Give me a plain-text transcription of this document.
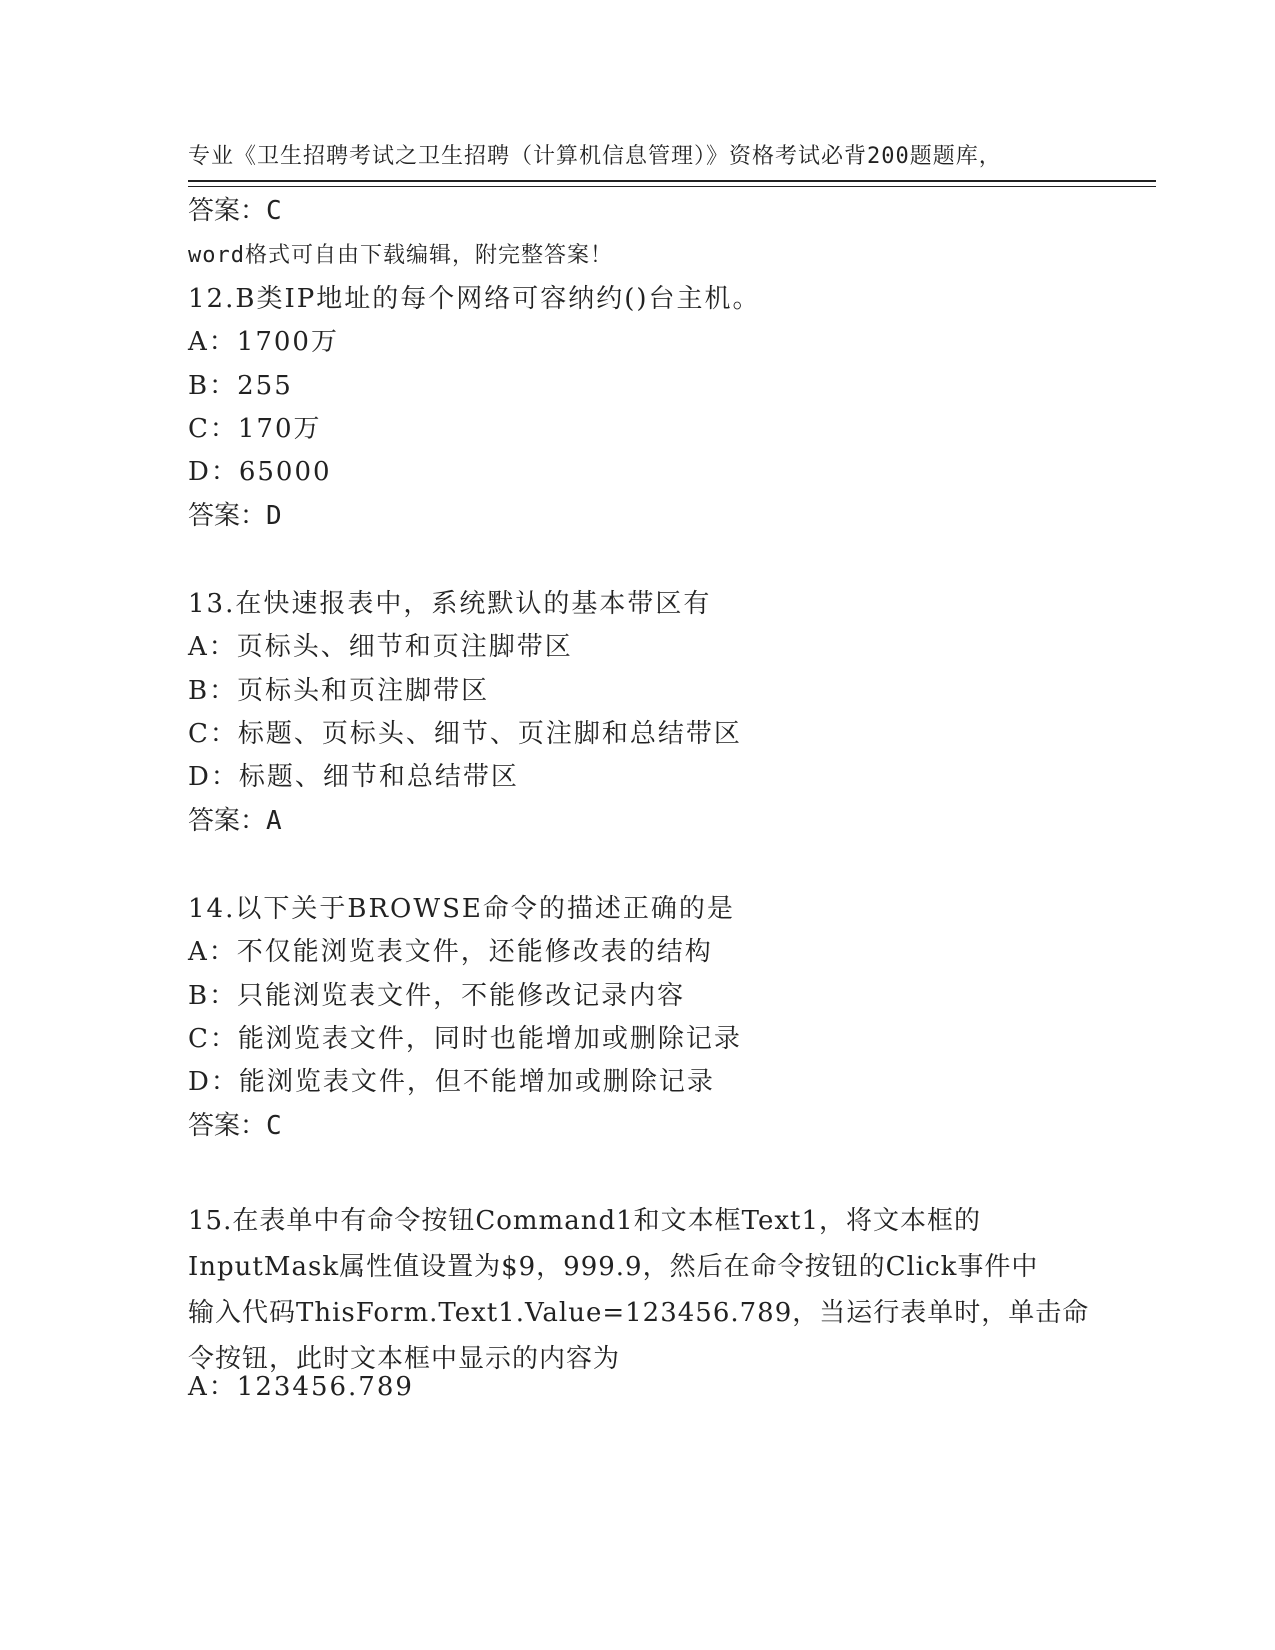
专业《卫生招聘考试之卫生招聘（计算机信息管理）》资格考试必背200题题库，

word格式可自由下载编辑，附完整答案！

答案：C
12.B类IP地址的每个网络可容纳约()台主机。
A：1700万
B：255
C：170万
D：65000
答案：D
13.在快速报表中，系统默认的基本带区有
A：页标头、细节和页注脚带区
B：页标头和页注脚带区
C：标题、页标头、细节、页注脚和总结带区
D：标题、细节和总结带区
答案：A
14.以下关于BROWSE命令的描述正确的是
A：不仅能浏览表文件，还能修改表的结构
B：只能浏览表文件，不能修改记录内容
C：能浏览表文件，同时也能增加或删除记录
D：能浏览表文件，但不能增加或删除记录
答案：C
15.在表单中有命令按钮Command1和文本框Text1，将文本框的
InputMask属性值设置为$9，999.9，然后在命令按钮的Click事件中
输入代码ThisForm.Text1.Value=123456.789，当运行表单时，单击命
令按钮，此时文本框中显示的内容为
A：123456.789
